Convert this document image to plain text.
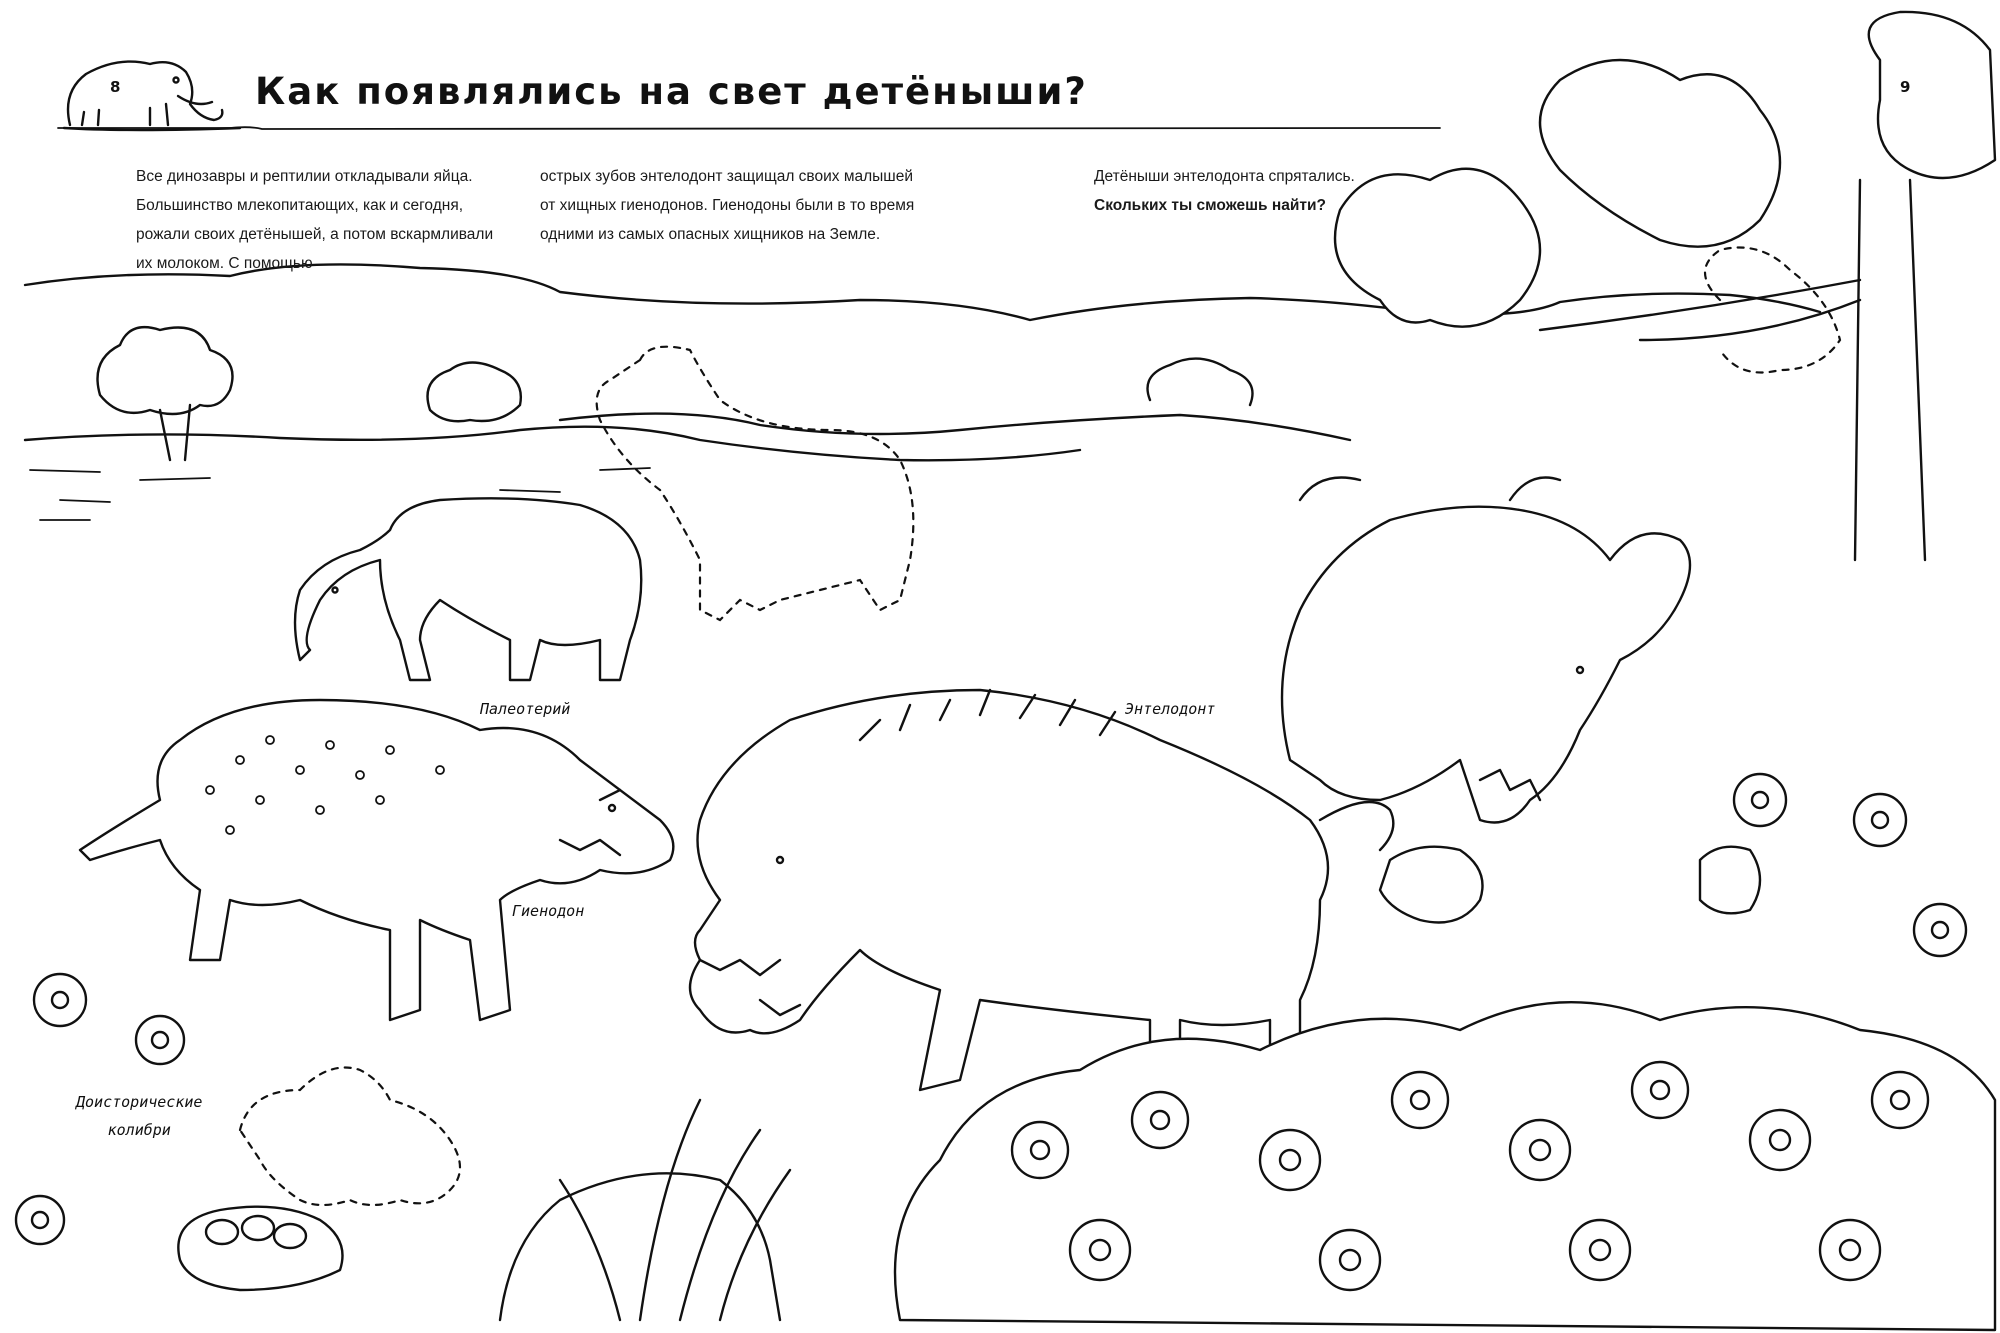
8	9
Как появлялись на свет детёныши?
Все динозавры и рептилии откладывали яйца. Большинство млекопитающих, как и сегодня, рожали своих детёнышей, а потом вскармливали их молоком. С помощью
острых зубов энтелодонт защищал своих малышей от хищных гиенодонов. Гиенодоны были в то время одними из самых опасных хищников на Земле.
Детёныши энтелодонта спрятались.
Скольких ты сможешь найти?
Палеотерий	Энтелодонт
Гиенодон
Доисторические
колибри
